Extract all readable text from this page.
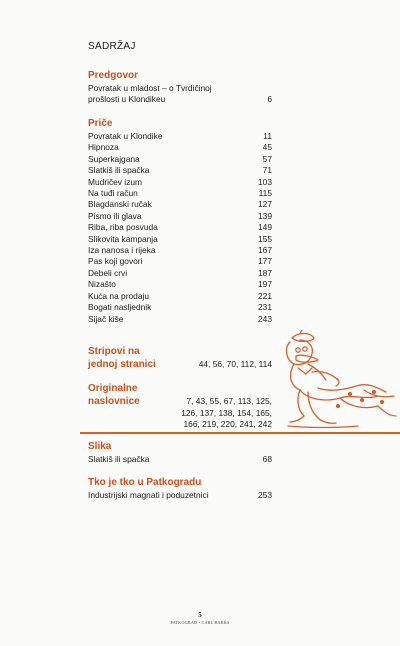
SADRŽAJ
Predgovor
Povratak u mladost – o Tvrdičinoj
prošlosti u Klondikeu	6
Priče
Povratak u Klondike	11
Hipnoza	45
Superkajgana	57
Slatkiš ili spačka	71
Mudričev izum	103
Na tuđi račun	115
Blagdanski ručak	127
Pismo ili glava	139
Riba, riba posvuda	149
Slikovita kampanja	155
Iza nanosa i rijeka	167
Pas koji govori	177
Debeli crvi	187
Nizašto	197
Kuća na prodaju	221
Bogati nasljednik	231
Sijač kiše	243
Stripovi na
jednoj stranici	44, 56, 70, 112, 114
Originalne
naslovnice	7, 43, 55, 67, 113, 125,
126, 137, 138, 154, 165,
166, 219, 220, 241, 242
Slika
Slatkiš ili spačka	68
Tko je tko u Patkogradu
Industrijski magnati i poduzetnici	253
5
PATKOGRAD • CARL BARKS
